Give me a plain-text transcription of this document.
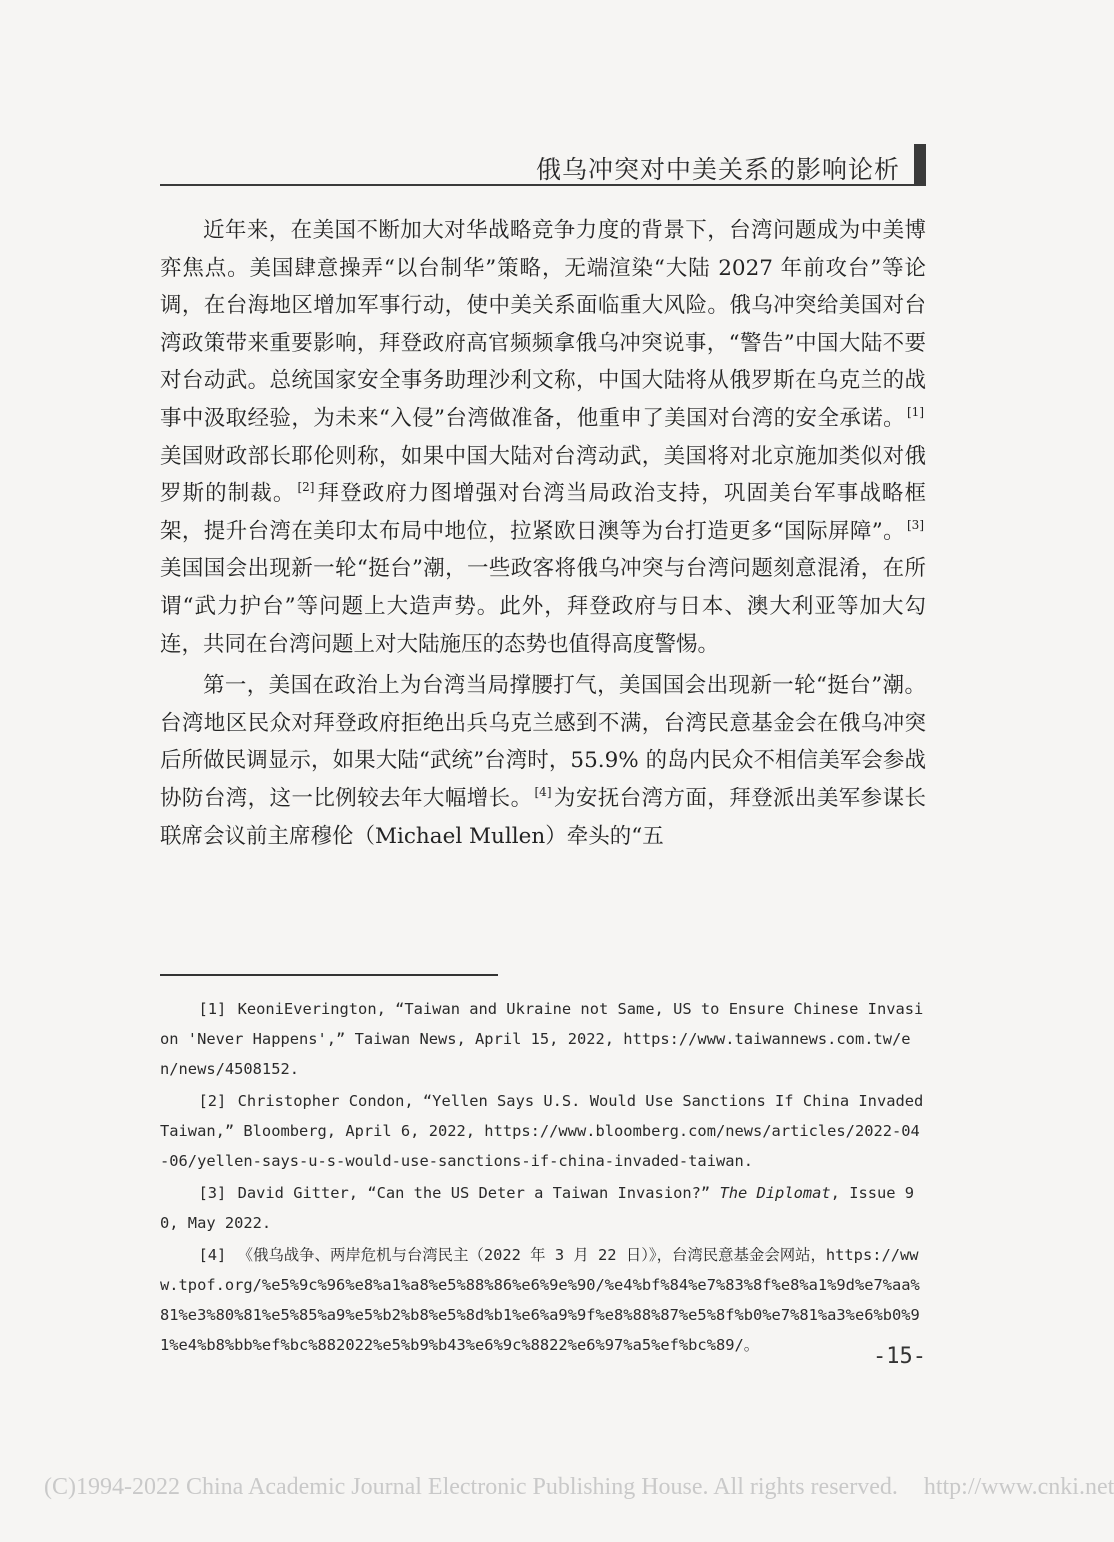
俄乌冲突对中美关系的影响论析

近年来，在美国不断加大对华战略竞争力度的背景下，台湾问题成为中美博弈焦点。美国肆意操弄“以台制华”策略，无端渲染“大陆 2027 年前攻台”等论调，在台海地区增加军事行动，使中美关系面临重大风险。俄乌冲突给美国对台湾政策带来重要影响，拜登政府高官频频拿俄乌冲突说事，“警告”中国大陆不要对台动武。总统国家安全事务助理沙利文称，中国大陆将从俄罗斯在乌克兰的战事中汲取经验，为未来“入侵”台湾做准备，他重申了美国对台湾的安全承诺。 [1]美国财政部长耶伦则称，如果中国大陆对台湾动武，美国将对北京施加类似对俄罗斯的制裁。 [2]拜登政府力图增强对台湾当局政治支持，巩固美台军事战略框架，提升台湾在美印太布局中地位，拉紧欧日澳等为台打造更多“国际屏障”。 [3]美国国会出现新一轮“挺台”潮，一些政客将俄乌冲突与台湾问题刻意混淆，在所谓“武力护台”等问题上大造声势。此外，拜登政府与日本、澳大利亚等加大勾连，共同在台湾问题上对大陆施压的态势也值得高度警惕。

第一，美国在政治上为台湾当局撑腰打气，美国国会出现新一轮“挺台”潮。台湾地区民众对拜登政府拒绝出兵乌克兰感到不满，台湾民意基金会在俄乌冲突后所做民调显示，如果大陆“武统”台湾时，55.9% 的岛内民众不相信美军会参战协防台湾，这一比例较去年大幅增长。 [4]为安抚台湾方面，拜登派出美军参谋长联席会议前主席穆伦（Michael Mullen）牵头的“五

[1] KeoniEverington, “Taiwan and Ukraine not Same, US to Ensure Chinese Invasion 'Never Happens',” Taiwan News, April 15, 2022, https://www.taiwannews.com.tw/en/news/4508152.
[2] Christopher Condon, “Yellen Says U.S. Would Use Sanctions If China Invaded Taiwan,” Bloomberg, April 6, 2022, https://www.bloomberg.com/news/articles/2022-04-06/yellen-says-u-s-would-use-sanctions-if-china-invaded-taiwan.
[3] David Gitter, “Can the US Deter a Taiwan Invasion?” The Diplomat, Issue 90, May 2022.
[4] 《俄乌战争、两岸危机与台湾民主（2022 年 3 月 22 日）》，台湾民意基金会网站，https://www.tpof.org/%e5%9c%96%e8%a1%a8%e5%88%86%e6%9e%90/%e4%bf%84%e7%83%8f%e8%a1%9d%e7%aa%81%e3%80%81%e5%85%a9%e5%b2%b8%e5%8d%b1%e6%a9%9f%e8%88%87%e5%8f%b0%e7%81%a3%e6%b0%91%e4%b8%bb%ef%bc%882022%e5%b9%b43%e6%9c%8822%e6%97%a5%ef%bc%89/。	-15-
(C)1994-2022 China Academic Journal Electronic Publishing House. All rights reserved. http://www.cnki.net
